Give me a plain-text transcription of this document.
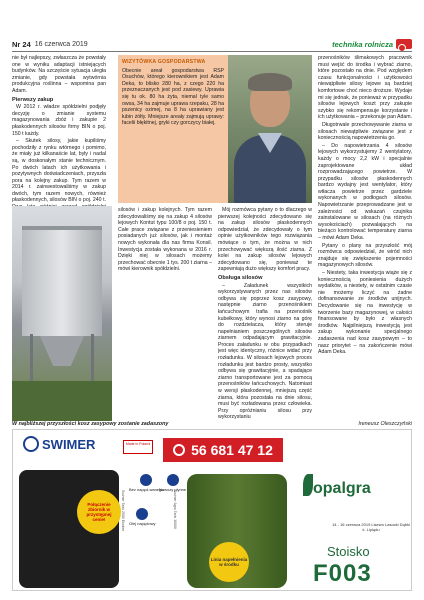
Nr 24 16 czerwca 2019	technika rolnicza

nie był najlepszy, zwłaszcza że powstały one w wyniku adaptacji istniejących budynków. Na szczęście sytuacja uległa zmianie, gdy powstała wytwórnia produkcyjna roślinna – wspomina pan Adam.

Pierwszy zakup

W 2012 r. władze spółdzielni podjęły decyzję o zmianie systemu magazynowania zbóż i zakupie 2 płaskodennych silosów firmy BIN o poj. 150 t każdy.

– Skutek silosy, jakie kupiliśmy pochodziły z rynku wtórnego i pomimo, że miały już kilkanaście lat, były i nadal są, w doskonałym stanie technicznym. Po dwóch latach ich użytkowania i pozytywnych doświadczeniach, przyszła pora na kolejny zakup. Tym razem w 2014 r. zainwestowaliśmy w zakup dwóch, tym razem nowych, również płaskodennych, silosów BIN o poj. 240 t.

WIZYTÓWKA GOSPODARSTWA
Obecnie areał gospodarstwa RSP Osuchów, którego kierownikiem jest Adam Deka, to blisko 280 ha, z czego 220 ha przeznaczanych jest pod zasiewy. Uprawia się tu ok. 80 ha żyta, niemal tyle samo owsa, 34 ha zajmuje uprawa rzepaku, 28 ha pszenicy ozimej, na 8 ha uprawiany jest łubin żółty. Mniejsze areały zajmują uprawy: facelii błękitnej, gryki czy gorczycy białej.

silosów i zakup kolejnych. Tym razem zdecydowaliśmy się na zakup 4 silosów lejowych Kontut typu 100/8 o poj. 150 t. Całe prace związane z przeniesieniem posiadanych już silosów, jak i montaż nowych wykonała dla nas firma Konsil. Inwestycja została wykonana w 2016 r. Dzięki niej w silosach możemy przechować obecnie 1 tys. 200 t ziarna – mówi kierownik spółdzielni.

Mój rozmówca pytany o to dlaczego w pierwszej kolejności zdecydowano się na zakup silosów płaskodennych odpowiedział, że zdecydowały o tym opinie użytkowników tego rozwiązania mówiące o tym, że można w nich przechowywać większą ilość ziarna. Z kolei na zakup silosów lejowych zdecydowano się, ponieważ te zapewniają dużo większy komfort pracy.

Obsługa silosów

– Załadunek wszystkich wykorzystywanych przez nas silosów odbywa się poprzez kosz zasypowy, następnie ziarno przenośnikiem łańcuchowym trafia na przenośnik kubełkowy, który wynosi ziarno na górę do rozdzielacza, który steruje napełnianiem poszczególnych silosów ziarnem odpadającym grawitacyjnie. Proces załadunku w obu przypadkach jest więc identyczny, różnice widać przy rozładunku. W silosach lejowych proces rozładunku jest bardzo prosty, wszystko odbywa się grawitacyjnie, a spadające ziarno transportowane jest za pomocą przenośników łańcuchowych. Natomiast w wersji płaskodennej, mniejszą część ziarna, która pozostała na dnie silosu, musi być rozładowana przez człowieka. Przy opróżnianiu silosu przy wykorzystaniu

przenośników ślimakowych pracownik musi wejść do środka i wybrać ziarno, które pozostało na dnie. Pod względem czasu funkcjonalności i użytkowości niewątpliwie silosy lejowe są bardziej komfortowe choć nieco droższe. Wydaje mi się jednak, że ponieważ w przypadku silosów lejowych koszt przy zakupie szybko się rekompensuje korzystanie i ich użytkowania – przekonuje pan Adam.

Długotrwale przechowywanie ziarna w silosach niewątpliwie związane jest z koniecznością napowietrzenia go.

– Do napowietrzania 4 silosów lejowych wykorzystujemy 2 wentylatory, każdy o mocy 2,2 kW i specjalnie zaprojektowane układ rozprowadzającego powietrze. W przypadku silosów płaskodennych bardzo wydajny jest wentylator, który wtłacza powietrze przez gardziele wykonanych w podłogach silosów. Napowietrzanie przeprowadzane jest w zależności od wskazań czujnika zainstalowane w silosach (na różnych wysokościach) pozwalających na bieżąco kontrolować temperaturę ziarna – mówi Adam Deka.

Pytany o plany na przyszłość mój rozmówca odpowiedział, że wiród nich znajduje się zwiększenie pojemności magazynowych silosów.

– Niestety, taka inwestycja wiąże się z koniecznością poniesienia dużych wydatków, a niestety, w ostatnim czasie nie możemy liczyć na żadne dofinansowanie ze środków unijnych. Decydowanie się na inwestycję w tworzenie bazy magazynowej, w całości finansowane by było z własnych środków. Najpilniejszą inwestycją jest zakup wykonanie specjalnego zadaszenia nad kosz zasypowym – to nasz priorytet – na zakończenie mówi Adam Deka.

W najbliższej przyszłości kosz zasypowy zostanie zadaszony	Ireneusz Oleszczyński
SWIMER	Made in Poland	56 681 47 12
Swimer Tank 2500 Ekoline
Połączenie zbiornik w przystępnej cenie!
Bez napęd-wanego
Nawozy płynne
Olej napędowy	Swimer Agro Tank 10000
Linia napełnienia w środku
opalgra
14 - 16 czerwca 2019 Lisewo Lasocki Dąbki k. Liplądu
Stoisko
F003
